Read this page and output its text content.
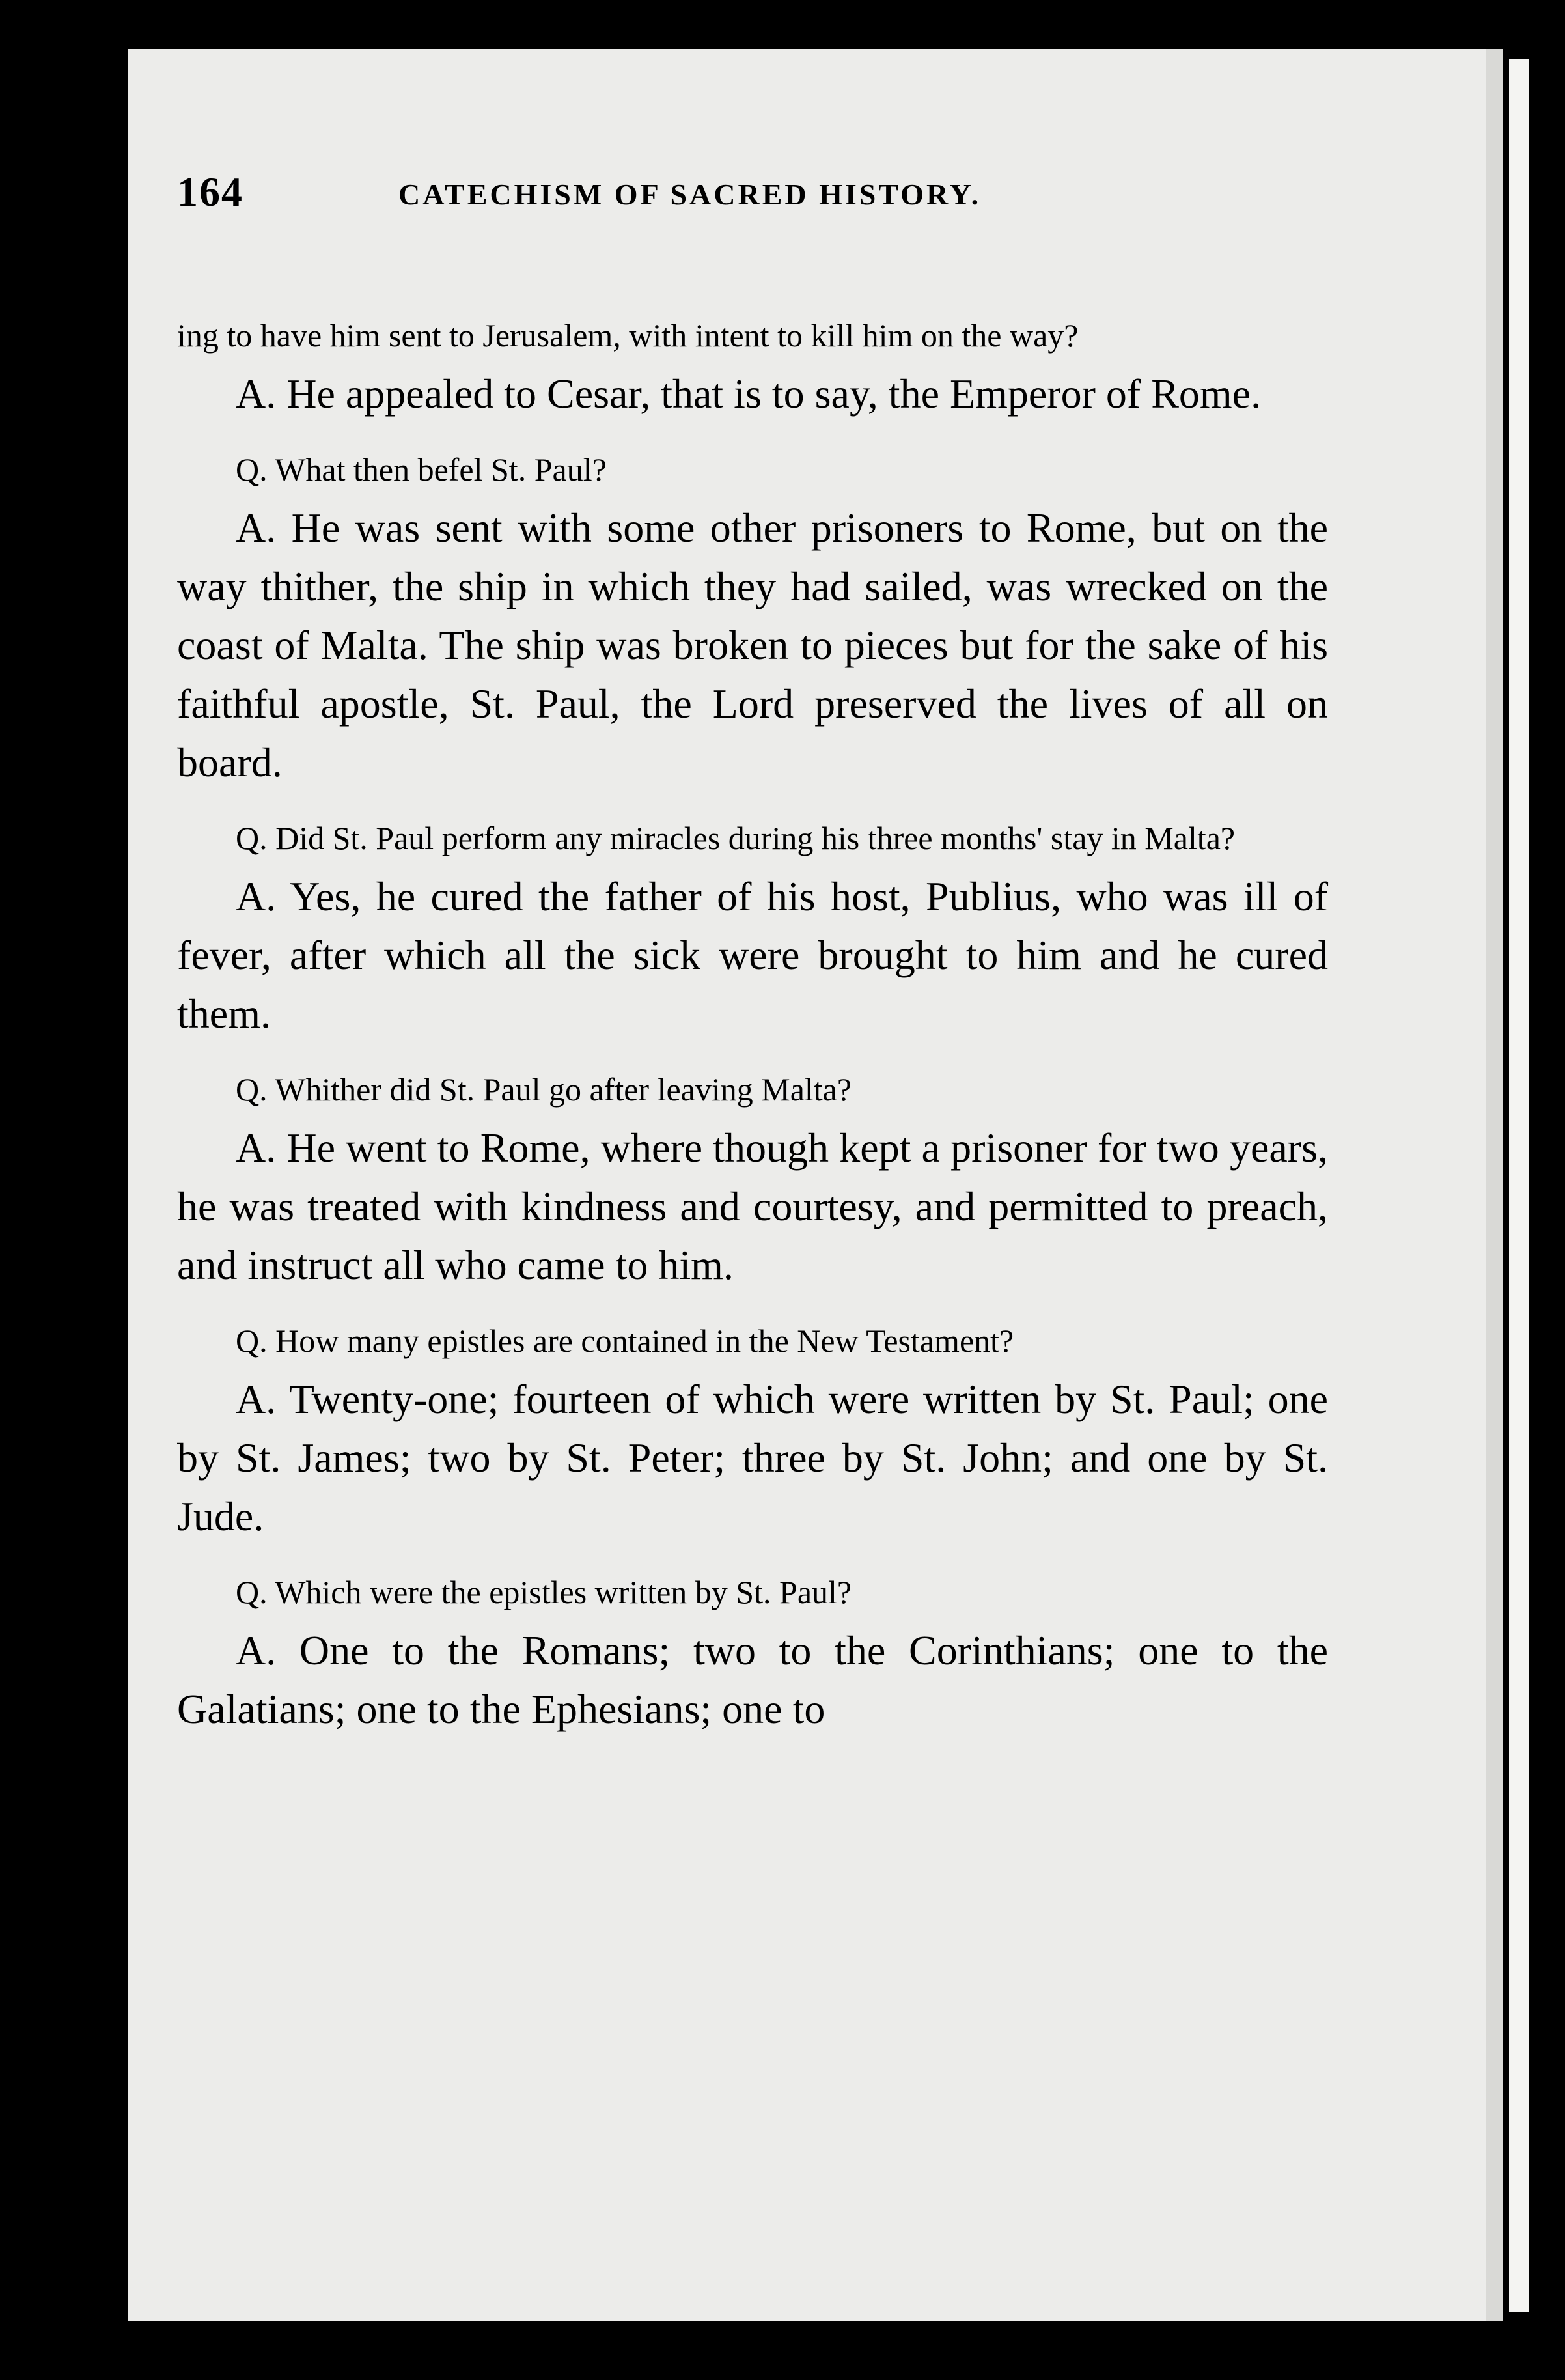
164	CATECHISM OF SACRED HISTORY.

ing to have him sent to Jerusalem, with intent to kill him on the way?

A. He appealed to Cesar, that is to say, the Emperor of Rome.

Q. What then befel St. Paul?

A. He was sent with some other prisoners to Rome, but on the way thither, the ship in which they had sailed, was wrecked on the coast of Malta. The ship was broken to pieces but for the sake of his faithful apostle, St. Paul, the Lord preserved the lives of all on board.

Q. Did St. Paul perform any miracles during his three months' stay in Malta?

A. Yes, he cured the father of his host, Publius, who was ill of fever, after which all the sick were brought to him and he cured them.

Q. Whither did St. Paul go after leaving Malta?

A. He went to Rome, where though kept a prisoner for two years, he was treated with kindness and courtesy, and permitted to preach, and instruct all who came to him.

Q. How many epistles are contained in the New Testament?

A. Twenty-one; fourteen of which were written by St. Paul; one by St. James; two by St. Peter; three by St. John; and one by St. Jude.

Q. Which were the epistles written by St. Paul?

A. One to the Romans; two to the Corinthians; one to the Galatians; one to the Ephesians; one to
